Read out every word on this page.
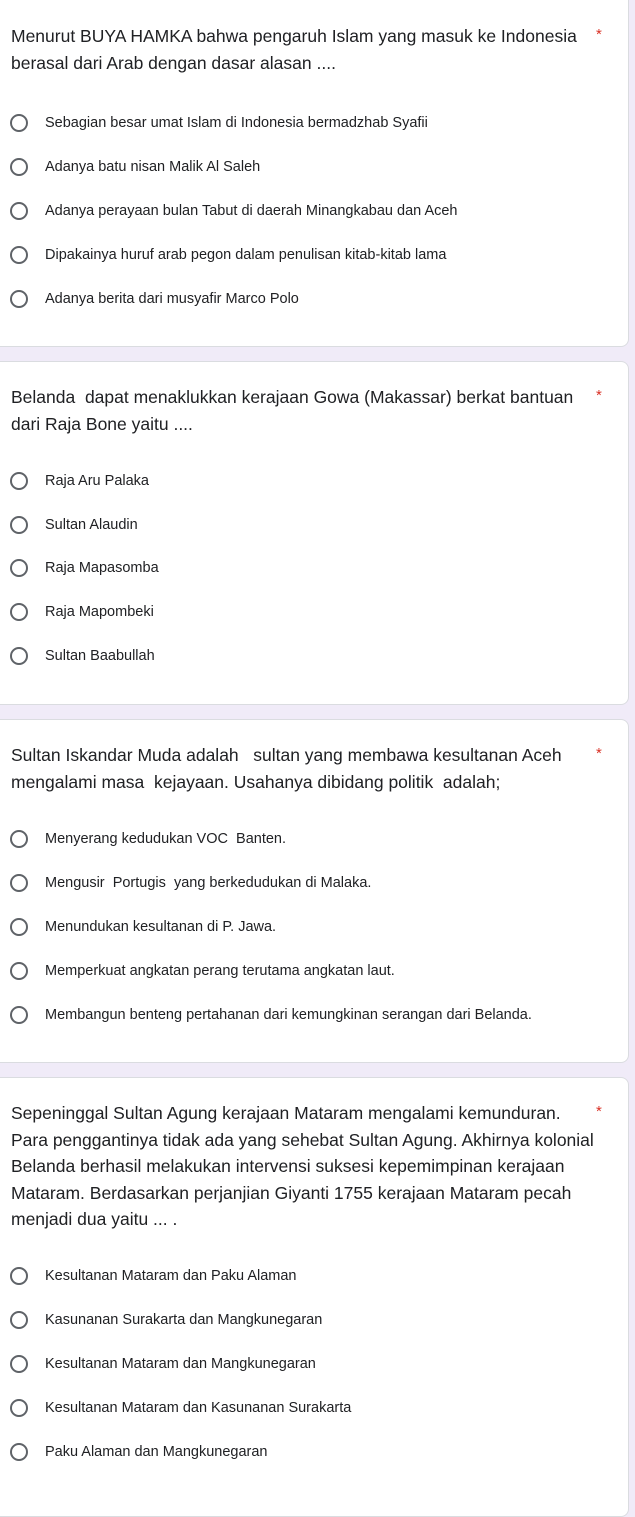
Menurut BUYA HAMKA bahwa pengaruh Islam yang masuk ke Indonesia berasal dari Arab dengan dasar alasan ....
*
Sebagian besar umat Islam di Indonesia bermadzhab Syafii
Adanya batu nisan Malik Al Saleh
Adanya perayaan bulan Tabut di daerah Minangkabau dan Aceh
Dipakainya huruf arab pegon dalam penulisan kitab-kitab lama
Adanya berita dari musyafir Marco Polo
Belanda  dapat menaklukkan kerajaan Gowa (Makassar) berkat bantuan dari Raja Bone yaitu ....
*
Raja Aru Palaka
Sultan Alaudin
Raja Mapasomba
Raja Mapombeki
Sultan Baabullah
Sultan Iskandar Muda adalah   sultan yang membawa kesultanan Aceh mengalami masa  kejayaan. Usahanya dibidang politik  adalah;
*
Menyerang kedudukan VOC  Banten.
Mengusir  Portugis  yang berkedudukan di Malaka.
Menundukan kesultanan di P. Jawa.
Memperkuat angkatan perang terutama angkatan laut.
Membangun benteng pertahanan dari kemungkinan serangan dari Belanda.
Sepeninggal Sultan Agung kerajaan Mataram mengalami kemunduran. Para penggantinya tidak ada yang sehebat Sultan Agung. Akhirnya kolonial Belanda berhasil melakukan intervensi suksesi kepemimpinan kerajaan Mataram. Berdasarkan perjanjian Giyanti 1755 kerajaan Mataram pecah menjadi dua yaitu ... .
*
Kesultanan Mataram dan Paku Alaman
Kasunanan Surakarta dan Mangkunegaran
Kesultanan Mataram dan Mangkunegaran
Kesultanan Mataram dan Kasunanan Surakarta
Paku Alaman dan Mangkunegaran
